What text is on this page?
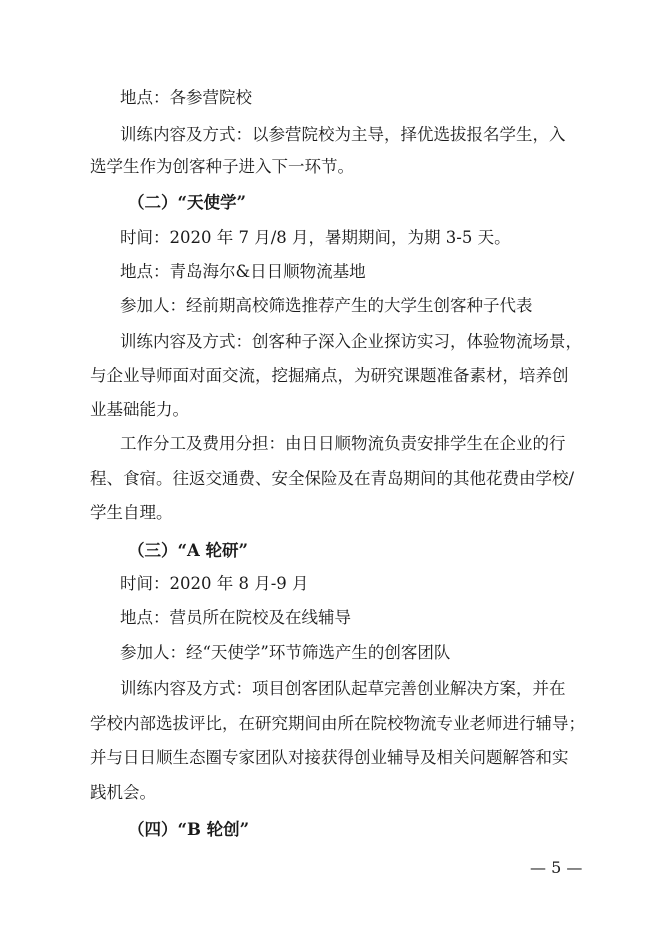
地点：各参营院校
训练内容及方式：以参营院校为主导，择优选拔报名学生，入
选学生作为创客种子进入下一环节。
（二）“天使学”
时间：2020 年 7 月/8 月，暑期期间，为期 3-5 天。
地点：青岛海尔&日日顺物流基地
参加人：经前期高校筛选推荐产生的大学生创客种子代表
训练内容及方式：创客种子深入企业探访实习，体验物流场景，
与企业导师面对面交流，挖掘痛点，为研究课题准备素材，培养创
业基础能力。
工作分工及费用分担：由日日顺物流负责安排学生在企业的行
程、食宿。往返交通费、安全保险及在青岛期间的其他花费由学校/
学生自理。
（三）“A 轮研”
时间：2020 年 8 月-9 月
地点：营员所在院校及在线辅导
参加人：经“天使学”环节筛选产生的创客团队
训练内容及方式：项目创客团队起草完善创业解决方案，并在
学校内部选拔评比，在研究期间由所在院校物流专业老师进行辅导；
并与日日顺生态圈专家团队对接获得创业辅导及相关问题解答和实
践机会。
（四）“B 轮创”
— 5 —
